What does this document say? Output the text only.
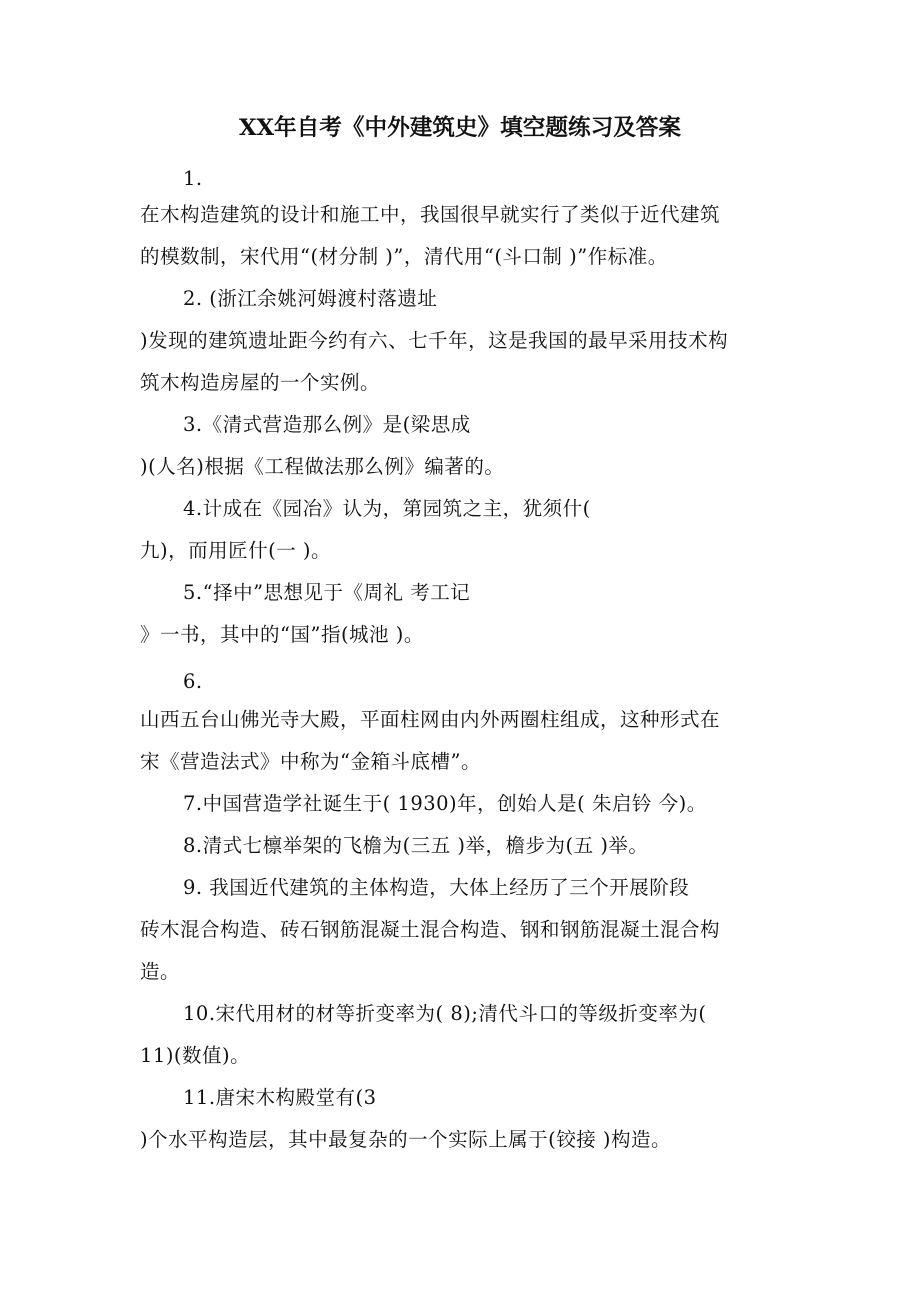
XX年自考《中外建筑史》填空题练习及答案
1.
在木构造建筑的设计和施工中，我国很早就实行了类似于近代建筑
的模数制，宋代用“(材分制 )”，清代用“(斗口制 )”作标准。
2. (浙江余姚河姆渡村落遗址
)发现的建筑遗址距今约有六、七千年，这是我国的最早采用技术构
筑木构造房屋的一个实例。
3.《清式营造那么例》是(梁思成
)(人名)根据《工程做法那么例》编著的。
4.计成在《园冶》认为，第园筑之主，犹须什(
九)，而用匠什(一 )。
5.“择中”思想见于《周礼 考工记
》一书，其中的“国”指(城池 )。
6.
山西五台山佛光寺大殿，平面柱网由内外两圈柱组成，这种形式在
宋《营造法式》中称为“金箱斗底槽”。
7.中国营造学社诞生于( 1930)年，创始人是( 朱启钤 今)。
8.清式七檩举架的飞檐为(三五 )举，檐步为(五 )举。
9. 我国近代建筑的主体构造，大体上经历了三个开展阶段
砖木混合构造、砖石钢筋混凝土混合构造、钢和钢筋混凝土混合构
造。
10.宋代用材的材等折变率为( 8);清代斗口的等级折变率为(
11)(数值)。
11.唐宋木构殿堂有(3
)个水平构造层，其中最复杂的一个实际上属于(铰接 )构造。
